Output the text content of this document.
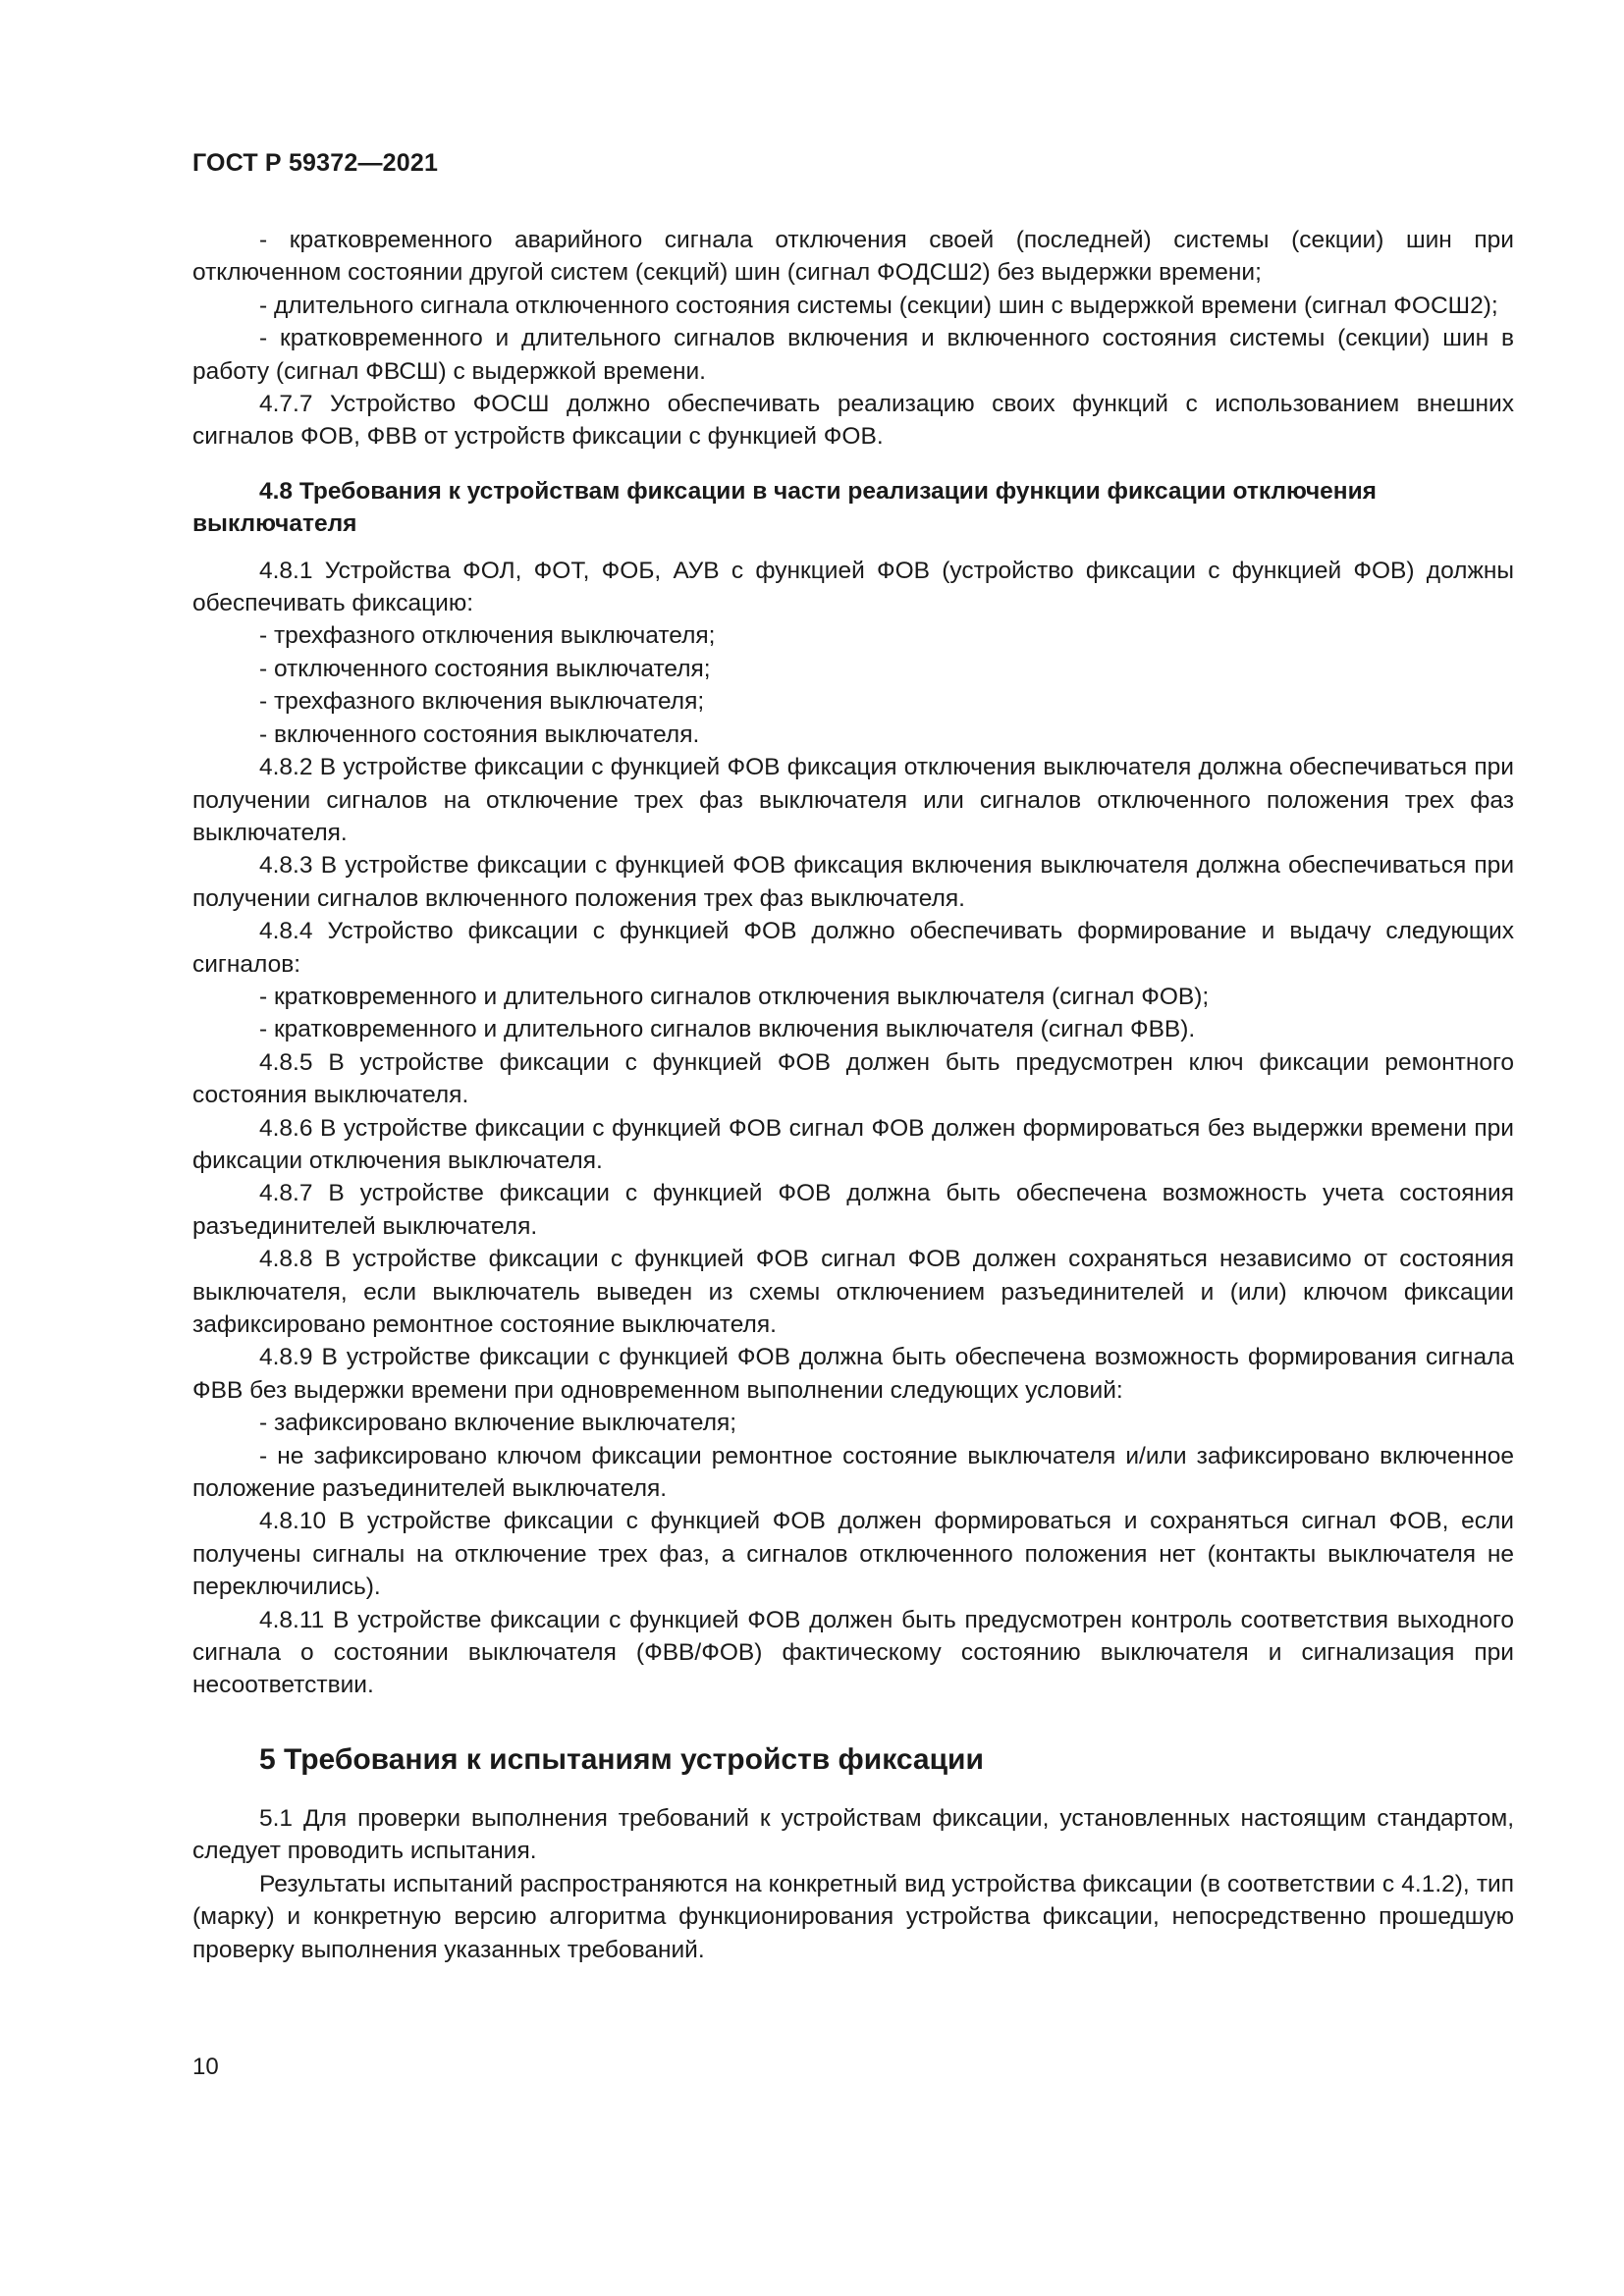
ГОСТ Р 59372—2021

- кратковременного аварийного сигнала отключения своей (последней) системы (секции) шин при отключенном состоянии другой систем (секций) шин (сигнал ФОДСШ2) без выдержки времени;

- длительного сигнала отключенного состояния системы (секции) шин с выдержкой времени (сигнал ФОСШ2);

- кратковременного и длительного сигналов включения и включенного состояния системы (секции) шин в работу (сигнал ФВСШ) с выдержкой времени.

4.7.7 Устройство ФОСШ должно обеспечивать реализацию своих функций с использованием внешних сигналов ФОВ, ФВВ от устройств фиксации с функцией ФОВ.

4.8 Требования к устройствам фиксации в части реализации функции фиксации отключения выключателя

4.8.1 Устройства ФОЛ, ФОТ, ФОБ, АУВ с функцией ФОВ (устройство фиксации с функцией ФОВ) должны обеспечивать фиксацию:

- трехфазного отключения выключателя;

- отключенного состояния выключателя;

- трехфазного включения выключателя;

- включенного состояния выключателя.

4.8.2 В устройстве фиксации с функцией ФОВ фиксация отключения выключателя должна обеспечиваться при получении сигналов на отключение трех фаз выключателя или сигналов отключенного положения трех фаз выключателя.

4.8.3 В устройстве фиксации с функцией ФОВ фиксация включения выключателя должна обеспечиваться при получении сигналов включенного положения трех фаз выключателя.

4.8.4 Устройство фиксации с функцией ФОВ должно обеспечивать формирование и выдачу следующих сигналов:

- кратковременного и длительного сигналов отключения выключателя (сигнал ФОВ);

- кратковременного и длительного сигналов включения выключателя (сигнал ФВВ).

4.8.5 В устройстве фиксации с функцией ФОВ должен быть предусмотрен ключ фиксации ремонтного состояния выключателя.

4.8.6 В устройстве фиксации с функцией ФОВ сигнал ФОВ должен формироваться без выдержки времени при фиксации отключения выключателя.

4.8.7 В устройстве фиксации с функцией ФОВ должна быть обеспечена возможность учета состояния разъединителей выключателя.

4.8.8 В устройстве фиксации с функцией ФОВ сигнал ФОВ должен сохраняться независимо от состояния выключателя, если выключатель выведен из схемы отключением разъединителей и (или) ключом фиксации зафиксировано ремонтное состояние выключателя.

4.8.9 В устройстве фиксации с функцией ФОВ должна быть обеспечена возможность формирования сигнала ФВВ без выдержки времени при одновременном выполнении следующих условий:

- зафиксировано включение выключателя;

- не зафиксировано ключом фиксации ремонтное состояние выключателя и/или зафиксировано включенное положение разъединителей выключателя.

4.8.10 В устройстве фиксации с функцией ФОВ должен формироваться и сохраняться сигнал ФОВ, если получены сигналы на отключение трех фаз, а сигналов отключенного положения нет (контакты выключателя не переключились).

4.8.11 В устройстве фиксации с функцией ФОВ должен быть предусмотрен контроль соответствия выходного сигнала о состоянии выключателя (ФВВ/ФОВ) фактическому состоянию выключателя и сигнализация при несоответствии.

5 Требования к испытаниям устройств фиксации

5.1 Для проверки выполнения требований к устройствам фиксации, установленных настоящим стандартом, следует проводить испытания.

Результаты испытаний распространяются на конкретный вид устройства фиксации (в соответствии с 4.1.2), тип (марку) и конкретную версию алгоритма функционирования устройства фиксации, непосредственно прошедшую проверку выполнения указанных требований.

10
